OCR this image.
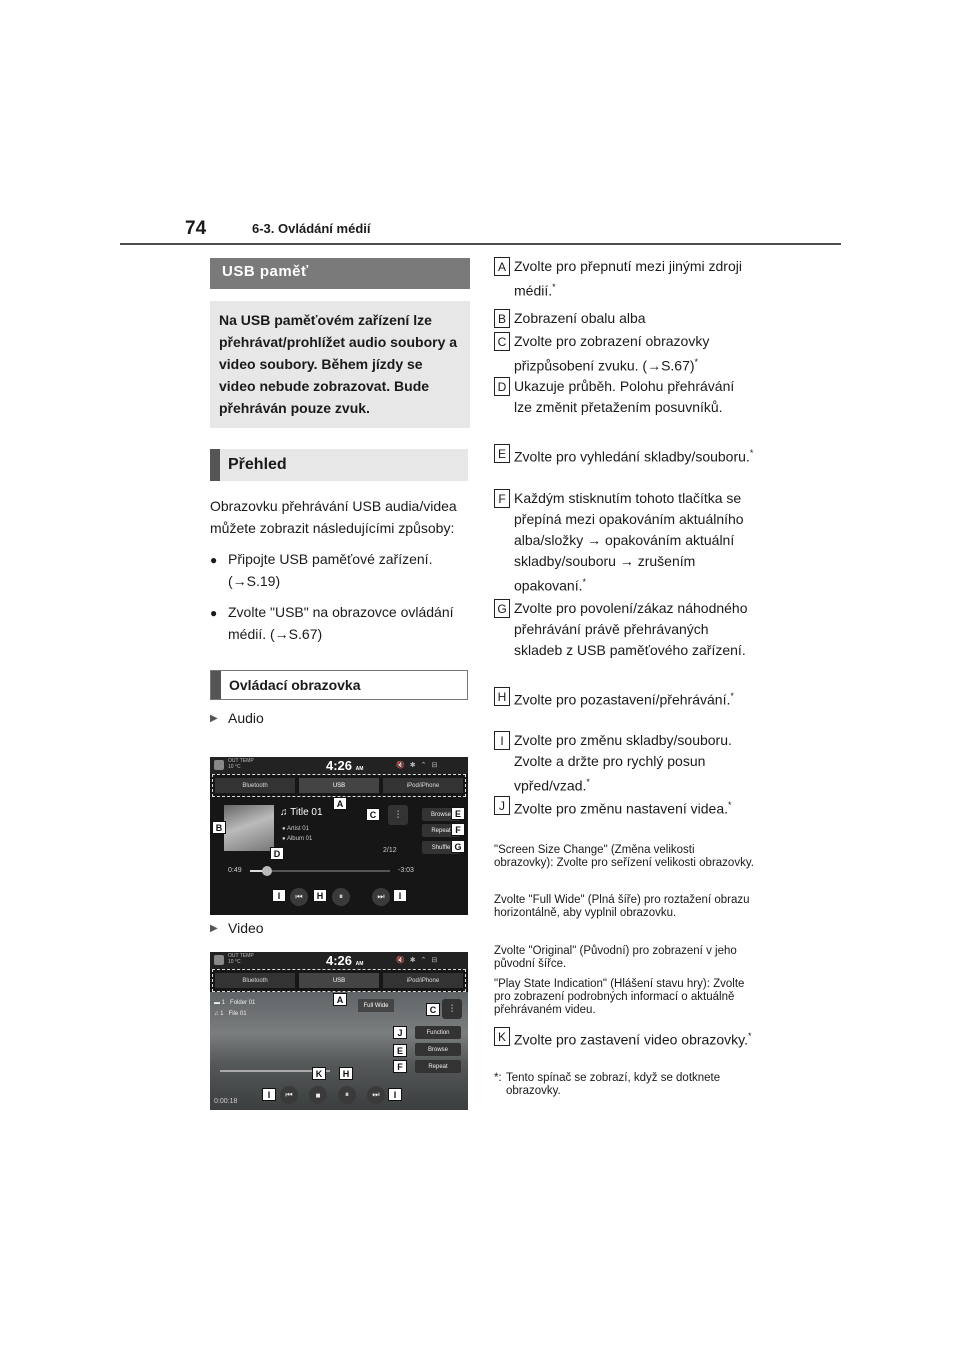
74	6-3. Ovládání médií
USB paměť
Na USB paměťovém zařízení lze přehrávat/prohlížet audio soubory a video soubory. Během jízdy se video nebude zobrazovat. Bude přehráván pouze zvuk.
Přehled
Obrazovku přehrávání USB audia/videa můžete zobrazit následujícími způsoby:
● Připojte USB paměťové zařízení. (→S.19)
● Zvolte "USB" na obrazovce ovládání médií. (→S.67)
Ovládací obrazovka
▶ Audio
OUT TEMP
10 °C	4:26 AM	🔇✱⌃⊟
Bluetooth	USB	iPod/iPhone
♫ Title 01
● Artist 01
● Album 01
⫶	Browse
Repeat
Shuffle
2/12
0:49	-3:03
⏮	⏸	⏭
A
B
C
D
E
F
G
H
I	I
▶ Video
OUT TEMP
10 °C	4:26 AM	🔇✱⌃⊟
Bluetooth	USB	iPod/iPhone
▬ 1 Folder 01
♫ 1 File 01
Full Wide	⫶
Function
Browse
Repeat
⏮	■	⏸	⏭
0:00:18
A
C
J
E
F
K	H
I	I
A Zvolte pro přepnutí mezi jinými zdroji médií.*
B Zobrazení obalu alba
C Zvolte pro zobrazení obrazovky přizpůsobení zvuku. (→S.67)*
D Ukazuje průběh. Polohu přehrávání lze změnit přetažením posuvníků.
E Zvolte pro vyhledání skladby/souboru.*
F Každým stisknutím tohoto tlačítka se přepíná mezi opakováním aktuálního alba/složky → opakováním aktuální skladby/souboru → zrušením opakovaní.*
G Zvolte pro povolení/zákaz náhodného přehrávání právě přehrávaných skladeb z USB paměťového zařízení.
H Zvolte pro pozastavení/přehrávání.*
I Zvolte pro změnu skladby/souboru. Zvolte a držte pro rychlý posun vpřed/vzad.*
J Zvolte pro změnu nastavení videa.*
"Screen Size Change" (Změna velikosti obrazovky): Zvolte pro seřízení velikosti obrazovky.
Zvolte "Full Wide" (Plná šíře) pro roztažení obrazu horizontálně, aby vyplnil obrazovku.
Zvolte "Original" (Původní) pro zobrazení v jeho původní šířce.
"Play State Indication" (Hlášení stavu hry): Zvolte pro zobrazení podrobných informací o aktuálně přehrávaném videu.
K Zvolte pro zastavení video obrazovky.*
*: Tento spínač se zobrazí, když se dotknete obrazovky.
